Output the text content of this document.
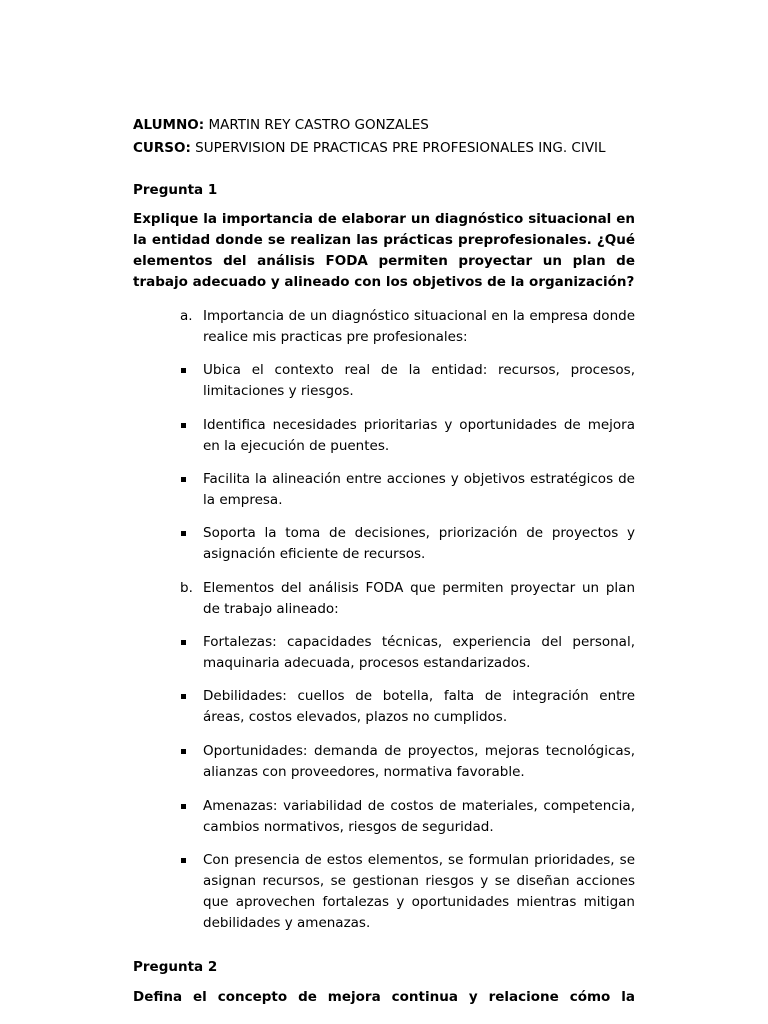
ALUMNO: MARTIN REY CASTRO GONZALES
CURSO: SUPERVISION DE PRACTICAS PRE PROFESIONALES ING. CIVIL
Pregunta 1
Explique la importancia de elaborar un diagnóstico situacional en la entidad donde se realizan las prácticas preprofesionales. ¿Qué elementos del análisis FODA permiten proyectar un plan de trabajo adecuado y alineado con los objetivos de la organización?
a. Importancia de un diagnóstico situacional en la empresa donde realice mis practicas pre profesionales:
Ubica el contexto real de la entidad: recursos, procesos, limitaciones y riesgos.
Identifica necesidades prioritarias y oportunidades de mejora en la ejecución de puentes.
Facilita la alineación entre acciones y objetivos estratégicos de la empresa.
Soporta la toma de decisiones, priorización de proyectos y asignación eficiente de recursos.
b. Elementos del análisis FODA que permiten proyectar un plan de trabajo alineado:
Fortalezas: capacidades técnicas, experiencia del personal, maquinaria adecuada, procesos estandarizados.
Debilidades: cuellos de botella, falta de integración entre áreas, costos elevados, plazos no cumplidos.
Oportunidades: demanda de proyectos, mejoras tecnológicas, alianzas con proveedores, normativa favorable.
Amenazas: variabilidad de costos de materiales, competencia, cambios normativos, riesgos de seguridad.
Con presencia de estos elementos, se formulan prioridades, se asignan recursos, se gestionan riesgos y se diseñan acciones que aprovechen fortalezas y oportunidades mientras mitigan debilidades y amenazas.
Pregunta 2
Defina el concepto de mejora continua y relacione cómo la
